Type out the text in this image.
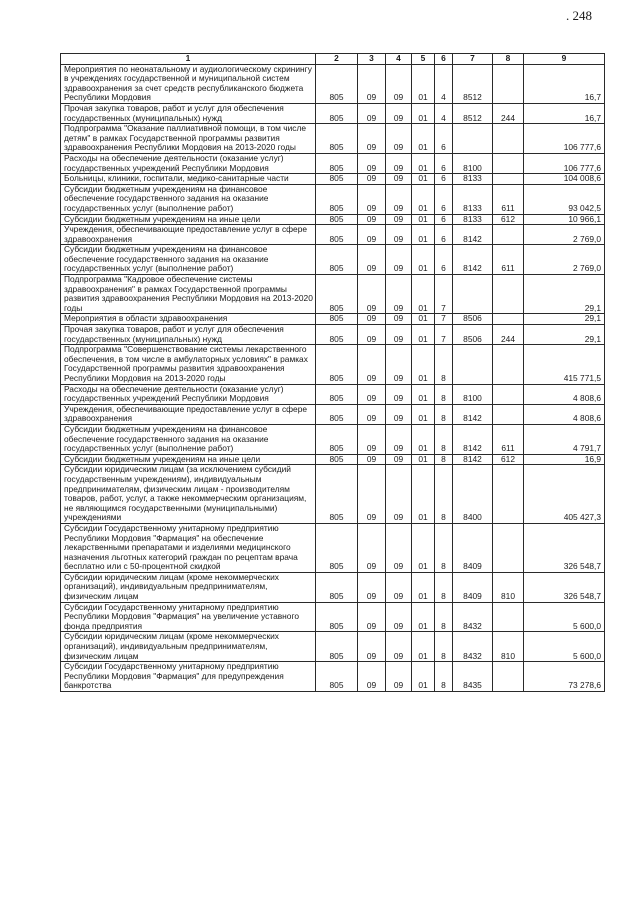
. 248
1	2	3	4	5	6	7	8	9
Мероприятия по неонатальному и аудиологическому скринингу в учреждениях государственной и муниципальной систем здравоохранения за счет средств республиканского бюджета Республики Мордовия	805	09	09	01	4	8512		16,7
Прочая закупка товаров, работ и услуг для обеспечения государственных (муниципальных) нужд	805	09	09	01	4	8512	244	16,7
Подпрограмма "Оказание паллиативной помощи, в том числе детям" в рамках Государственной программы развития здравоохранения Республики Мордовия на 2013-2020 годы	805	09	09	01	6			106 777,6
Расходы на обеспечение деятельности (оказание услуг) государственных учреждений Республики Мордовия	805	09	09	01	6	8100		106 777,6
Больницы, клиники, госпитали, медико-санитарные части	805	09	09	01	6	8133		104 008,6
Субсидии бюджетным учреждениям на финансовое обеспечение государственного задания на оказание государственных услуг (выполнение работ)	805	09	09	01	6	8133	611	93 042,5
Субсидии бюджетным учреждениям на иные цели	805	09	09	01	6	8133	612	10 966,1
Учреждения, обеспечивающие предоставление услуг в сфере здравоохранения	805	09	09	01	6	8142		2 769,0
Субсидии бюджетным учреждениям на финансовое обеспечение государственного задания на оказание государственных услуг (выполнение работ)	805	09	09	01	6	8142	611	2 769,0
Подпрограмма "Кадровое обеспечение системы здравоохранения" в рамках Государственной программы развития здравоохранения Республики Мордовия на 2013-2020 годы	805	09	09	01	7			29,1
Мероприятия в области здравоохранения	805	09	09	01	7	8506		29,1
Прочая закупка товаров, работ и услуг для обеспечения государственных (муниципальных) нужд	805	09	09	01	7	8506	244	29,1
Подпрограмма "Совершенствование системы лекарственного обеспечения, в том числе в амбулаторных условиях" в рамках Государственной программы развития здравоохранения Республики Мордовия на 2013-2020 годы	805	09	09	01	8			415 771,5
Расходы на обеспечение деятельности (оказание услуг) государственных учреждений Республики Мордовия	805	09	09	01	8	8100		4 808,6
Учреждения, обеспечивающие предоставление услуг в сфере здравоохранения	805	09	09	01	8	8142		4 808,6
Субсидии бюджетным учреждениям на финансовое обеспечение государственного задания на оказание государственных услуг (выполнение работ)	805	09	09	01	8	8142	611	4 791,7
Субсидии бюджетным учреждениям на иные цели	805	09	09	01	8	8142	612	16,9
Субсидии юридическим лицам (за исключением субсидий государственным учреждениям), индивидуальным предпринимателям, физическим лицам - производителям товаров, работ, услуг, а также некоммерческим организациям, не являющимся государственными (муниципальными) учреждениями	805	09	09	01	8	8400		405 427,3
Субсидии Государственному унитарному предприятию Республики Мордовия "Фармация" на обеспечение лекарственными препаратами и изделиями медицинского назначения льготных категорий граждан по рецептам врача бесплатно или с 50-процентной скидкой	805	09	09	01	8	8409		326 548,7
Субсидии юридическим лицам (кроме некоммерческих организаций), индивидуальным предпринимателям, физическим лицам	805	09	09	01	8	8409	810	326 548,7
Субсидии Государственному унитарному предприятию Республики Мордовия "Фармация" на увеличение уставного фонда предприятия	805	09	09	01	8	8432		5 600,0
Субсидии юридическим лицам (кроме некоммерческих организаций), индивидуальным предпринимателям, физическим лицам	805	09	09	01	8	8432	810	5 600,0
Субсидии Государственному унитарному предприятию Республики Мордовия "Фармация" для предупреждения банкротства	805	09	09	01	8	8435		73 278,6
